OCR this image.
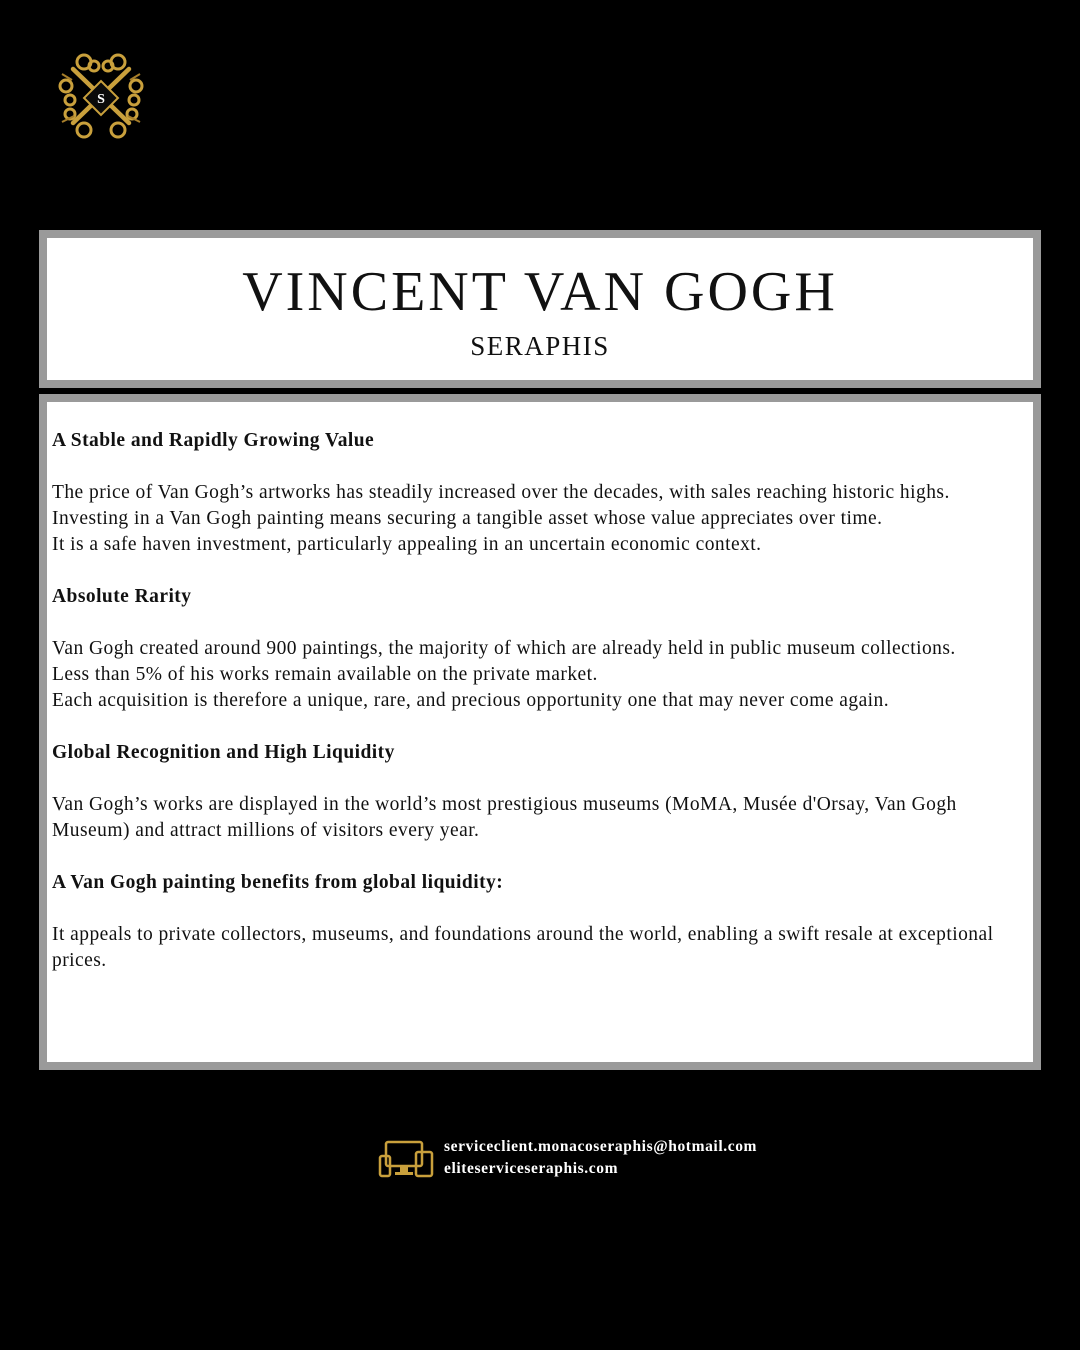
S
VINCENT VAN GOGH
SERAPHIS

A Stable and Rapidly Growing Value

The price of Van Gogh’s artworks has steadily increased over the decades, with sales reaching historic highs.

Investing in a Van Gogh painting means securing a tangible asset whose value appreciates over time.

It is a safe haven investment, particularly appealing in an uncertain economic context.

Absolute Rarity

Van Gogh created around 900 paintings, the majority of which are already held in public museum collections.

Less than 5% of his works remain available on the private market.

Each acquisition is therefore a unique, rare, and precious opportunity one that may never come again.

Global Recognition and High Liquidity

Van Gogh’s works are displayed in the world’s most prestigious museums (MoMA, Musée d'Orsay, Van Gogh Museum) and attract millions of visitors every year.

A Van Gogh painting benefits from global liquidity:

It appeals to private collectors, museums, and foundations around the world, enabling a swift resale at exceptional prices.

serviceclient.monacoseraphis@hotmail.com
eliteserviceseraphis.com
